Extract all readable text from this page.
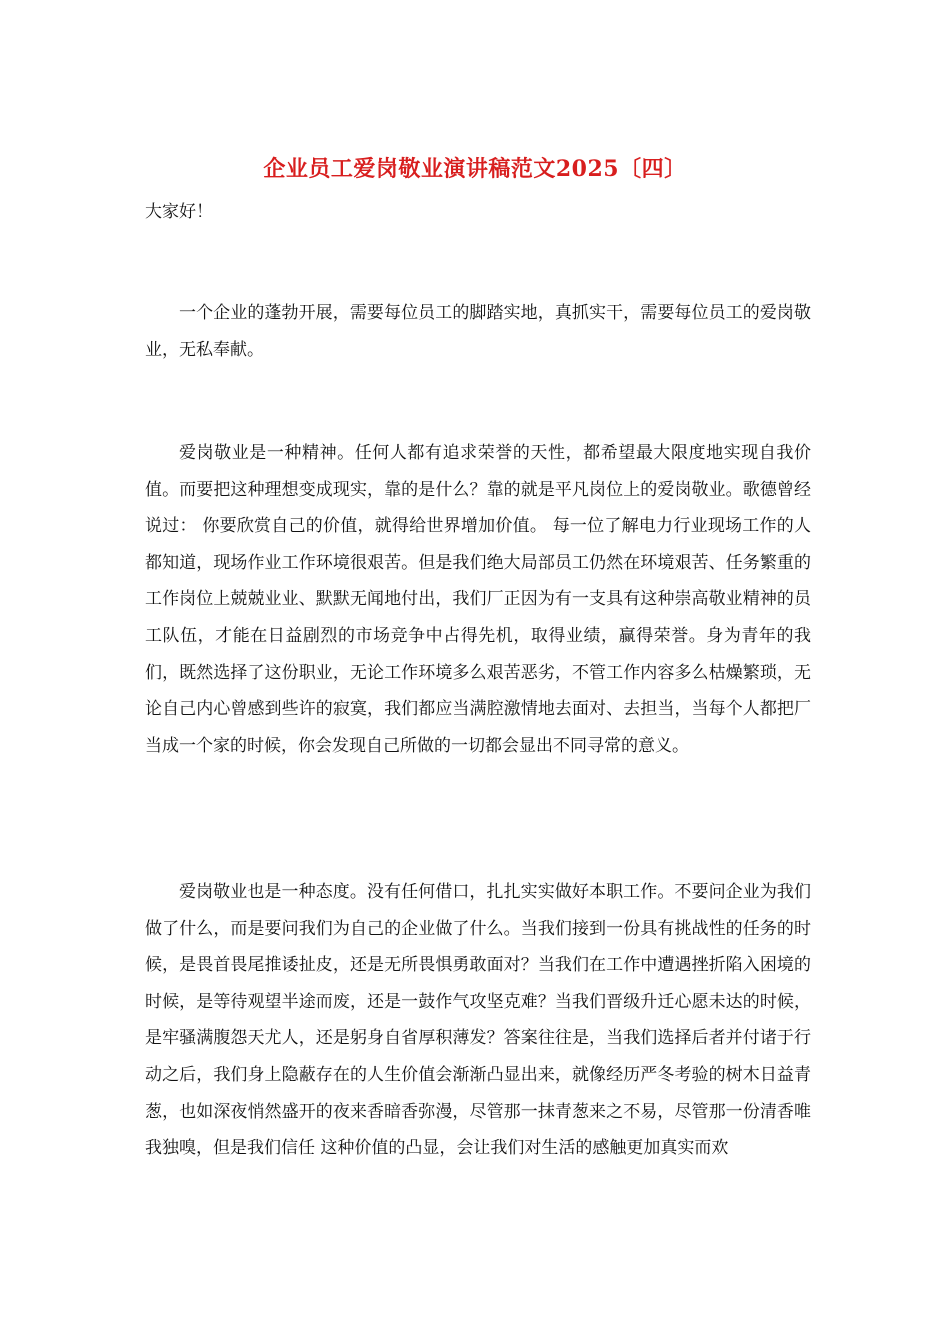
企业员工爱岗敬业演讲稿范文2025〔四〕
大家好！

一个企业的蓬勃开展，需要每位员工的脚踏实地，真抓实干，需要每位员工的爱岗敬业，无私奉献。

爱岗敬业是一种精神。任何人都有追求荣誉的天性，都希望最大限度地实现自我价值。而要把这种理想变成现实，靠的是什么？靠的就是平凡岗位上的爱岗敬业。歌德曾经说过： 你要欣赏自己的价值，就得给世界增加价值。 每一位了解电力行业现场工作的人都知道，现场作业工作环境很艰苦。但是我们绝大局部员工仍然在环境艰苦、任务繁重的工作岗位上兢兢业业、默默无闻地付出，我们厂正因为有一支具有这种崇高敬业精神的员工队伍，才能在日益剧烈的市场竞争中占得先机，取得业绩，赢得荣誉。身为青年的我们，既然选择了这份职业，无论工作环境多么艰苦恶劣，不管工作内容多么枯燥繁琐，无论自己内心曾感到些许的寂寞，我们都应当满腔激情地去面对、去担当，当每个人都把厂当成一个家的时候，你会发现自己所做的一切都会显出不同寻常的意义。

爱岗敬业也是一种态度。没有任何借口，扎扎实实做好本职工作。不要问企业为我们做了什么，而是要问我们为自己的企业做了什么。当我们接到一份具有挑战性的任务的时候，是畏首畏尾推诿扯皮，还是无所畏惧勇敢面对？当我们在工作中遭遇挫折陷入困境的时候，是等待观望半途而废，还是一鼓作气攻坚克难？当我们晋级升迁心愿未达的时候，是牢骚满腹怨天尤人，还是躬身自省厚积薄发？答案往往是，当我们选择后者并付诸于行动之后，我们身上隐蔽存在的人生价值会渐渐凸显出来，就像经历严冬考验的树木日益青葱，也如深夜悄然盛开的夜来香暗香弥漫，尽管那一抹青葱来之不易，尽管那一份清香唯我独嗅，但是我们信任 这种价值的凸显，会让我们对生活的感触更加真实而欢
